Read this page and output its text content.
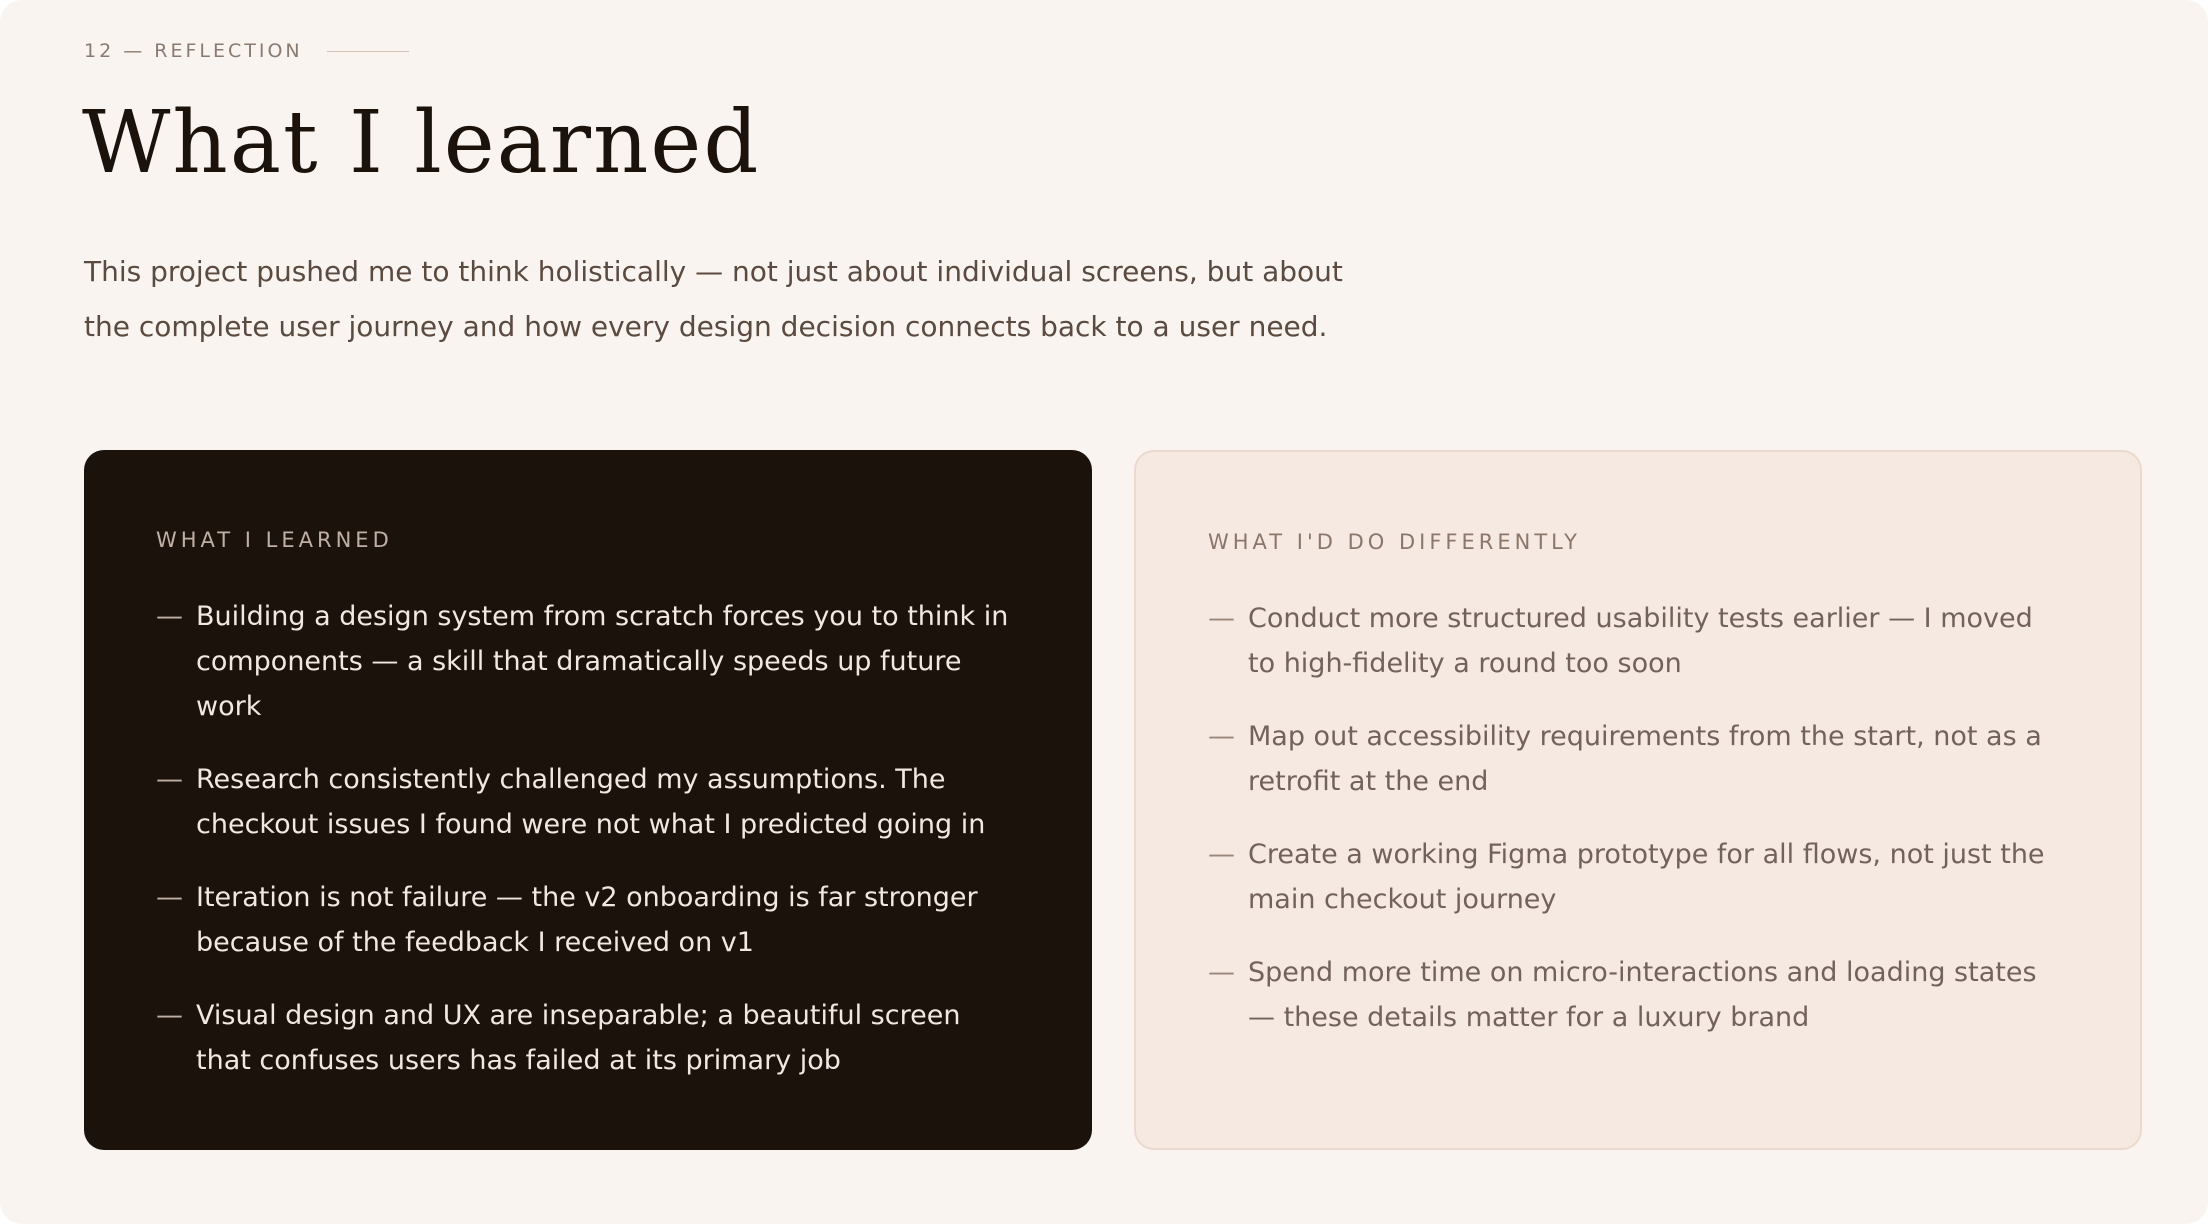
12 — REFLECTION
What I learned

This project pushed me to think holistically — not just about individual screens, but about the complete user journey and how every design decision connects back to a user need.

WHAT I LEARNED
— Building a design system from scratch forces you to think in components — a skill that dramatically speeds up future work
— Research consistently challenged my assumptions. The checkout issues I found were not what I predicted going in
— Iteration is not failure — the v2 onboarding is far stronger because of the feedback I received on v1
— Visual design and UX are inseparable; a beautiful screen that confuses users has failed at its primary job
WHAT I'D DO DIFFERENTLY
— Conduct more structured usability tests earlier — I moved to high-fidelity a round too soon
— Map out accessibility requirements from the start, not as a retrofit at the end
— Create a working Figma prototype for all flows, not just the main checkout journey
— Spend more time on micro-interactions and loading states — these details matter for a luxury brand
